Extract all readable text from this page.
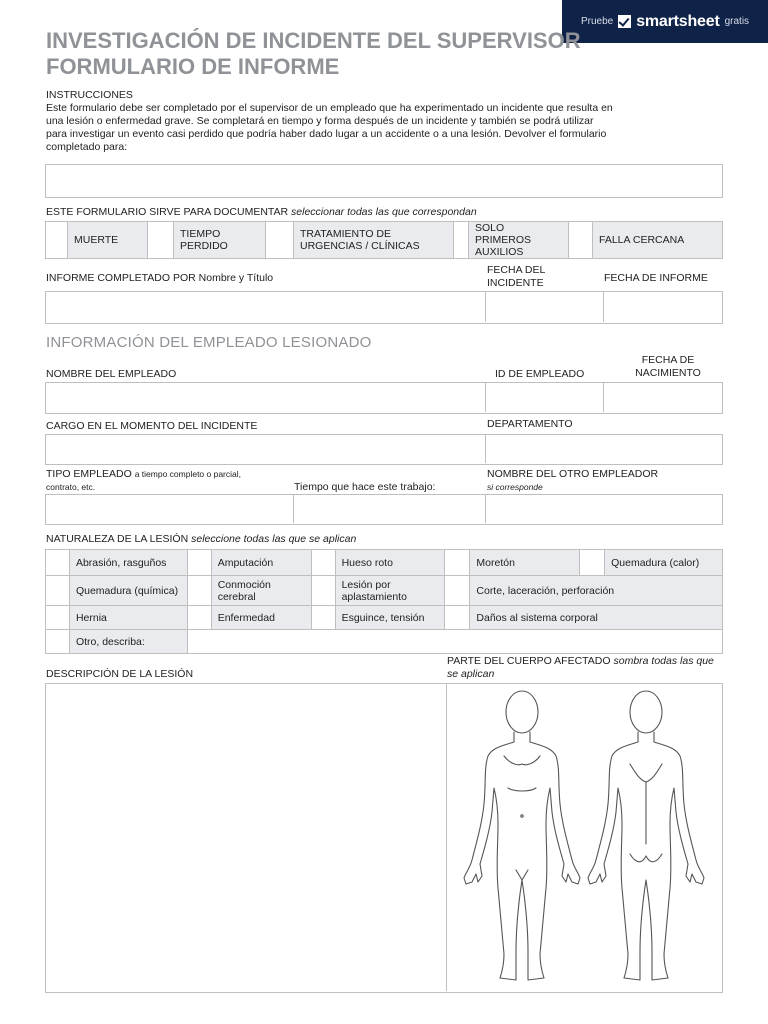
Pruebe smartsheet gratis
INVESTIGACIÓN DE INCIDENTE DEL SUPERVISOR
FORMULARIO DE INFORME
INSTRUCCIONES
Este formulario debe ser completado por el supervisor de un empleado que ha experimentado un incidente que resulta en
una lesión o enfermedad grave. Se completará en tiempo y forma después de un incidente y también se podrá utilizar
para investigar un evento casi perdido que podría haber dado lugar a un accidente o a una lesión. Devolver el formulario
completado para:
ESTE FORMULARIO SIRVE PARA DOCUMENTAR seleccionar todas las que correspondan
	MUERTE		TIEMPO PERDIDO		TRATAMIENTO DE URGENCIAS / CLÍNICAS		SOLO PRIMEROS AUXILIOS		FALLA CERCANA
INFORME COMPLETADO POR Nombre y Título
FECHA DEL INCIDENTE	FECHA DE INFORME
INFORMACIÓN DEL EMPLEADO LESIONADO
NOMBRE DEL EMPLEADO	ID DE EMPLEADO
FECHA DE NACIMIENTO
CARGO EN EL MOMENTO DEL INCIDENTE	DEPARTAMENTO
TIPO EMPLEADO a tiempo completo o parcial,
contrato, etc.	Tiempo que hace este trabajo:
NOMBRE DEL OTRO EMPLEADOR
si corresponde
NATURALEZA DE LA LESIÓN seleccione todas las que se aplican
	Abrasión, rasguños		Amputación		Hueso roto		Moretón		Quemadura (calor)
	Quemadura (química)		Conmoción cerebral		Lesión por aplastamiento		Corte, laceración, perforación		
	Hernia		Enfermedad		Esguince, tensión		Daños al sistema corporal		
	Otro, describa:								
DESCRIPCIÓN DE LA LESIÓN
PARTE DEL CUERPO AFECTADO sombra todas las que se aplican
